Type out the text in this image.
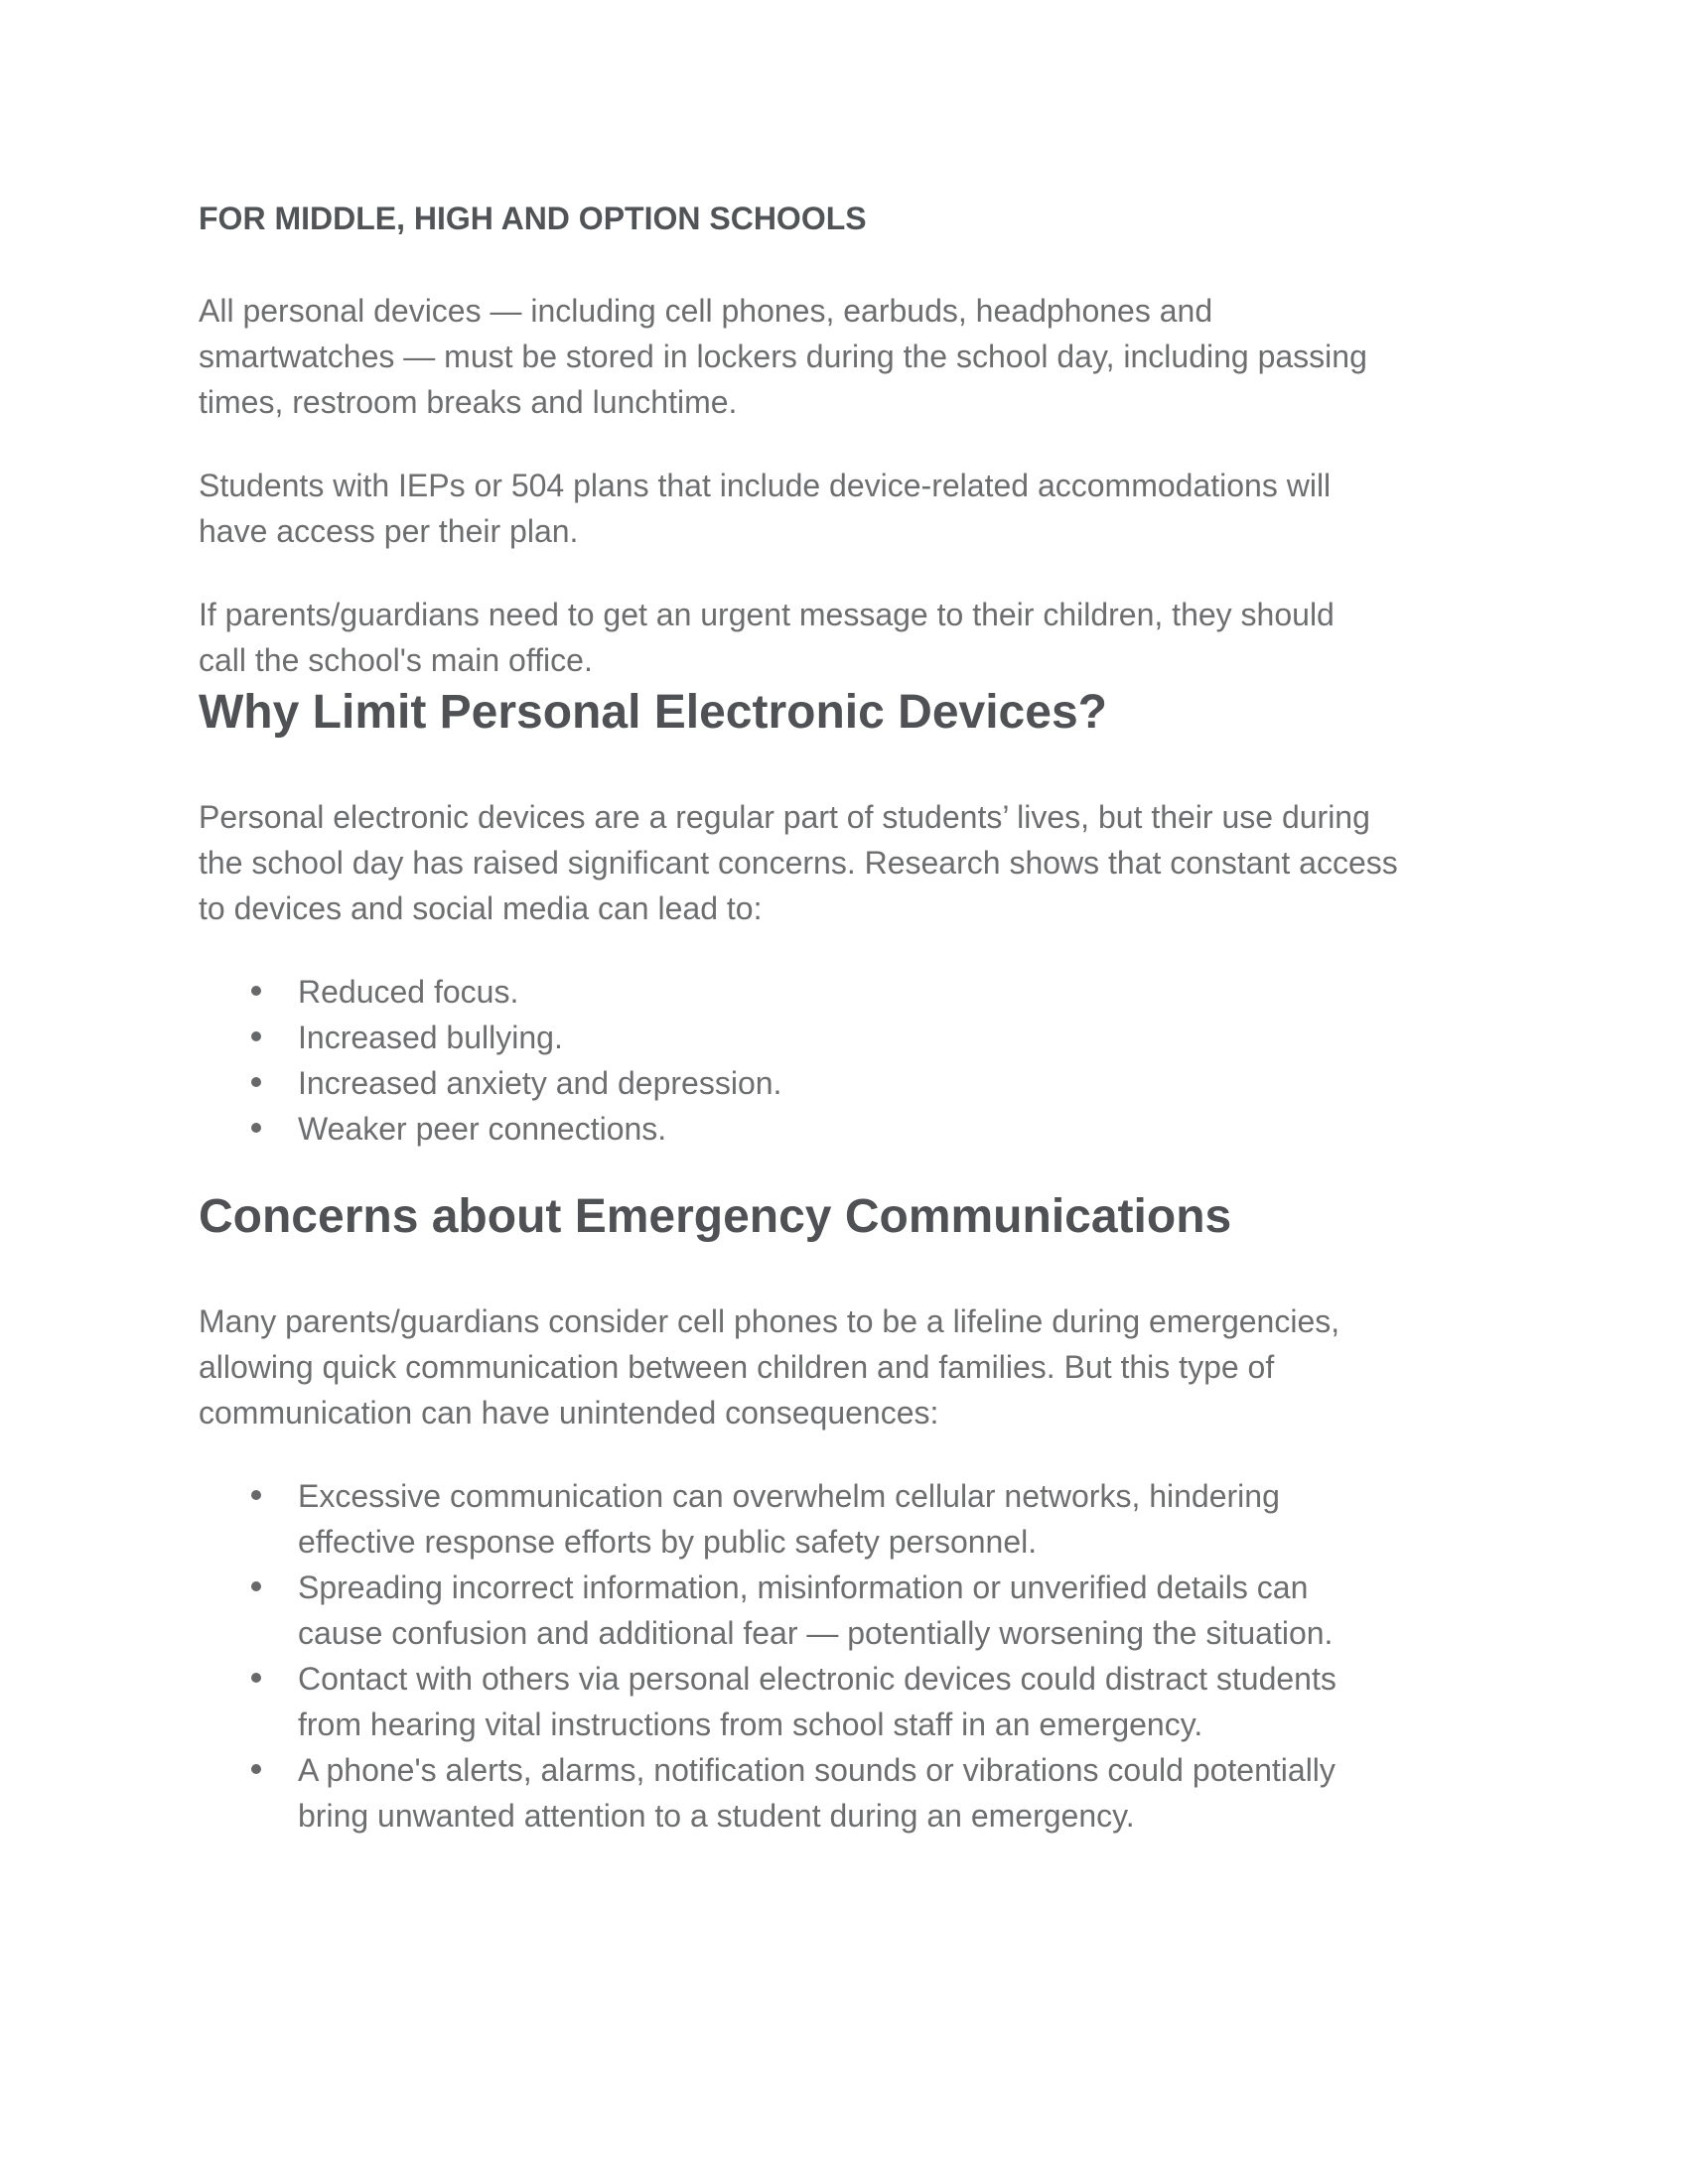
FOR MIDDLE, HIGH AND OPTION SCHOOLS

All personal devices — including cell phones, earbuds, headphones and
smartwatches — must be stored in lockers during the school day, including passing
times, restroom breaks and lunchtime.

Students with IEPs or 504 plans that include device-related accommodations will
have access per their plan.

If parents/guardians need to get an urgent message to their children, they should
call the school's main office.

Why Limit Personal Electronic Devices?

Personal electronic devices are a regular part of students’ lives, but their use during
the school day has raised significant concerns. Research shows that constant access
to devices and social media can lead to:

Reduced focus.
Increased bullying.
Increased anxiety and depression.
Weaker peer connections.
Concerns about Emergency Communications

Many parents/guardians consider cell phones to be a lifeline during emergencies,
allowing quick communication between children and families. But this type of
communication can have unintended consequences:

Excessive communication can overwhelm cellular networks, hindering
effective response efforts by public safety personnel.
Spreading incorrect information, misinformation or unverified details can
cause confusion and additional fear — potentially worsening the situation.
Contact with others via personal electronic devices could distract students
from hearing vital instructions from school staff in an emergency.
A phone's alerts, alarms, notification sounds or vibrations could potentially
bring unwanted attention to a student during an emergency.
